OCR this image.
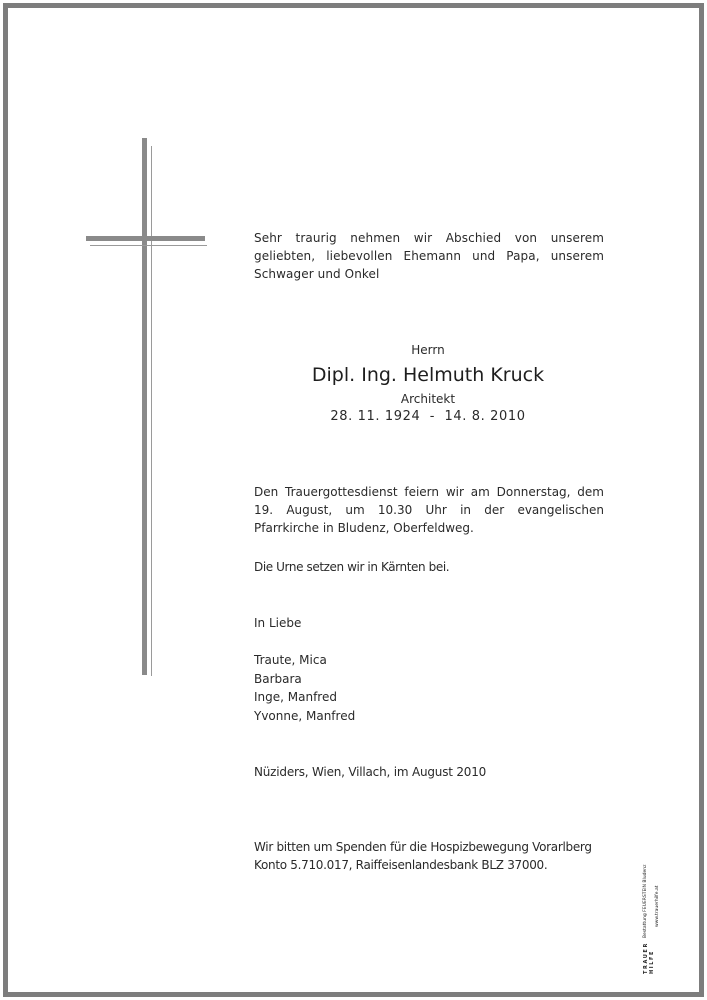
Sehr traurig nehmen wir Abschied von unserem geliebten, liebevollen Ehemann und Papa, unserem Schwager und Onkel
Herrn
Dipl. Ing. Helmuth Kruck
Architekt
28. 11. 1924  -  14. 8. 2010
Den Trauergottesdienst feiern wir am Donnerstag, dem 19. August, um 10.30 Uhr in der evangelischen Pfarrkirche in Bludenz, Oberfeldweg.
Die Urne setzen wir in Kärnten bei.
In Liebe
Traute, Mica
Barbara
Inge, Manfred
Yvonne, Manfred
Nüziders, Wien, Villach, im August 2010
Wir bitten um Spenden für die Hospizbewegung Vorarlberg
Konto 5.710.017, Raiffeisenlandesbank BLZ 37000.
TRAUER HILFE
Bestattung FEUERSTEIN Bludenz www.trauerhilfe.at
